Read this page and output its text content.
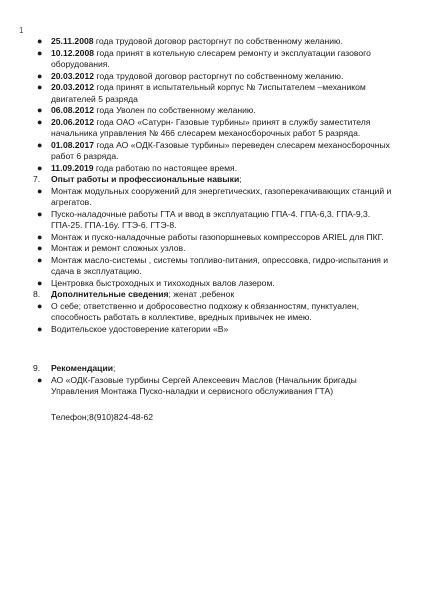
1
● 25.11.2008 года трудовой договор расторгнут по собственному желанию.
● 10.12.2008 года принят в котельную слесарем ремонту и эксплуатации газового оборудования.
● 20.03.2012 года трудовой договор расторгнут по собственному желанию.
● 20.03.2012 года принят в испытательный корпус № 7испытателем –механиком двигателей 5 разряда
● 06.08.2012 года Уволен по собственному желанию.
● 20.06.2012 года ОАО «Сатурн- Газовые турбины» принят в службу заместителя начальника управления № 466 слесарем механосборочных работ 5 разряда.
● 01.08.2017 года АО «ОДК-Газовые турбины» переведен слесарем механосборочных работ 6 разряда.
● 11.09.2019 года работаю по настоящее время.
7. Опыт работы и профессиональные навыки;
● Монтаж модульных сооружений для энергетических, газоперекачивающих станций и агрегатов.
● Пуско-наладочные работы ГТА и ввод в эксплуатацию ГПА-4. ГПА-6,3. ГПА-9,3. ГПА-25. ГПА-16у. ГТЭ-6. ГТЭ-8.
● Монтаж и пуско-наладочные работы газопоршневых компрессоров ARIEL для ПКГ.
● Монтаж и ремонт сложных узлов.
● Монтаж масло-системы , системы топливо-питания, опрессовка, гидро-испытания и сдача в эксплуатацию.
● Центровка быстроходных и тихоходных валов лазером.
8. Дополнительные сведения; женат ,ребенок
● О себе; ответственно и добросовестно подхожу к обязанностям, пунктуален, способность работать в коллективе, вредных привычек не имею.
● Водительское удостоверение категории «В»
9. Рекомендации;
● АО «ОДК-Газовые турбины Сергей Алексеевич Маслов (Начальник бригады Управления Монтажа Пуско-наладки и сервисного обслуживания ГТА)
Телефон;8(910)824-48-62
